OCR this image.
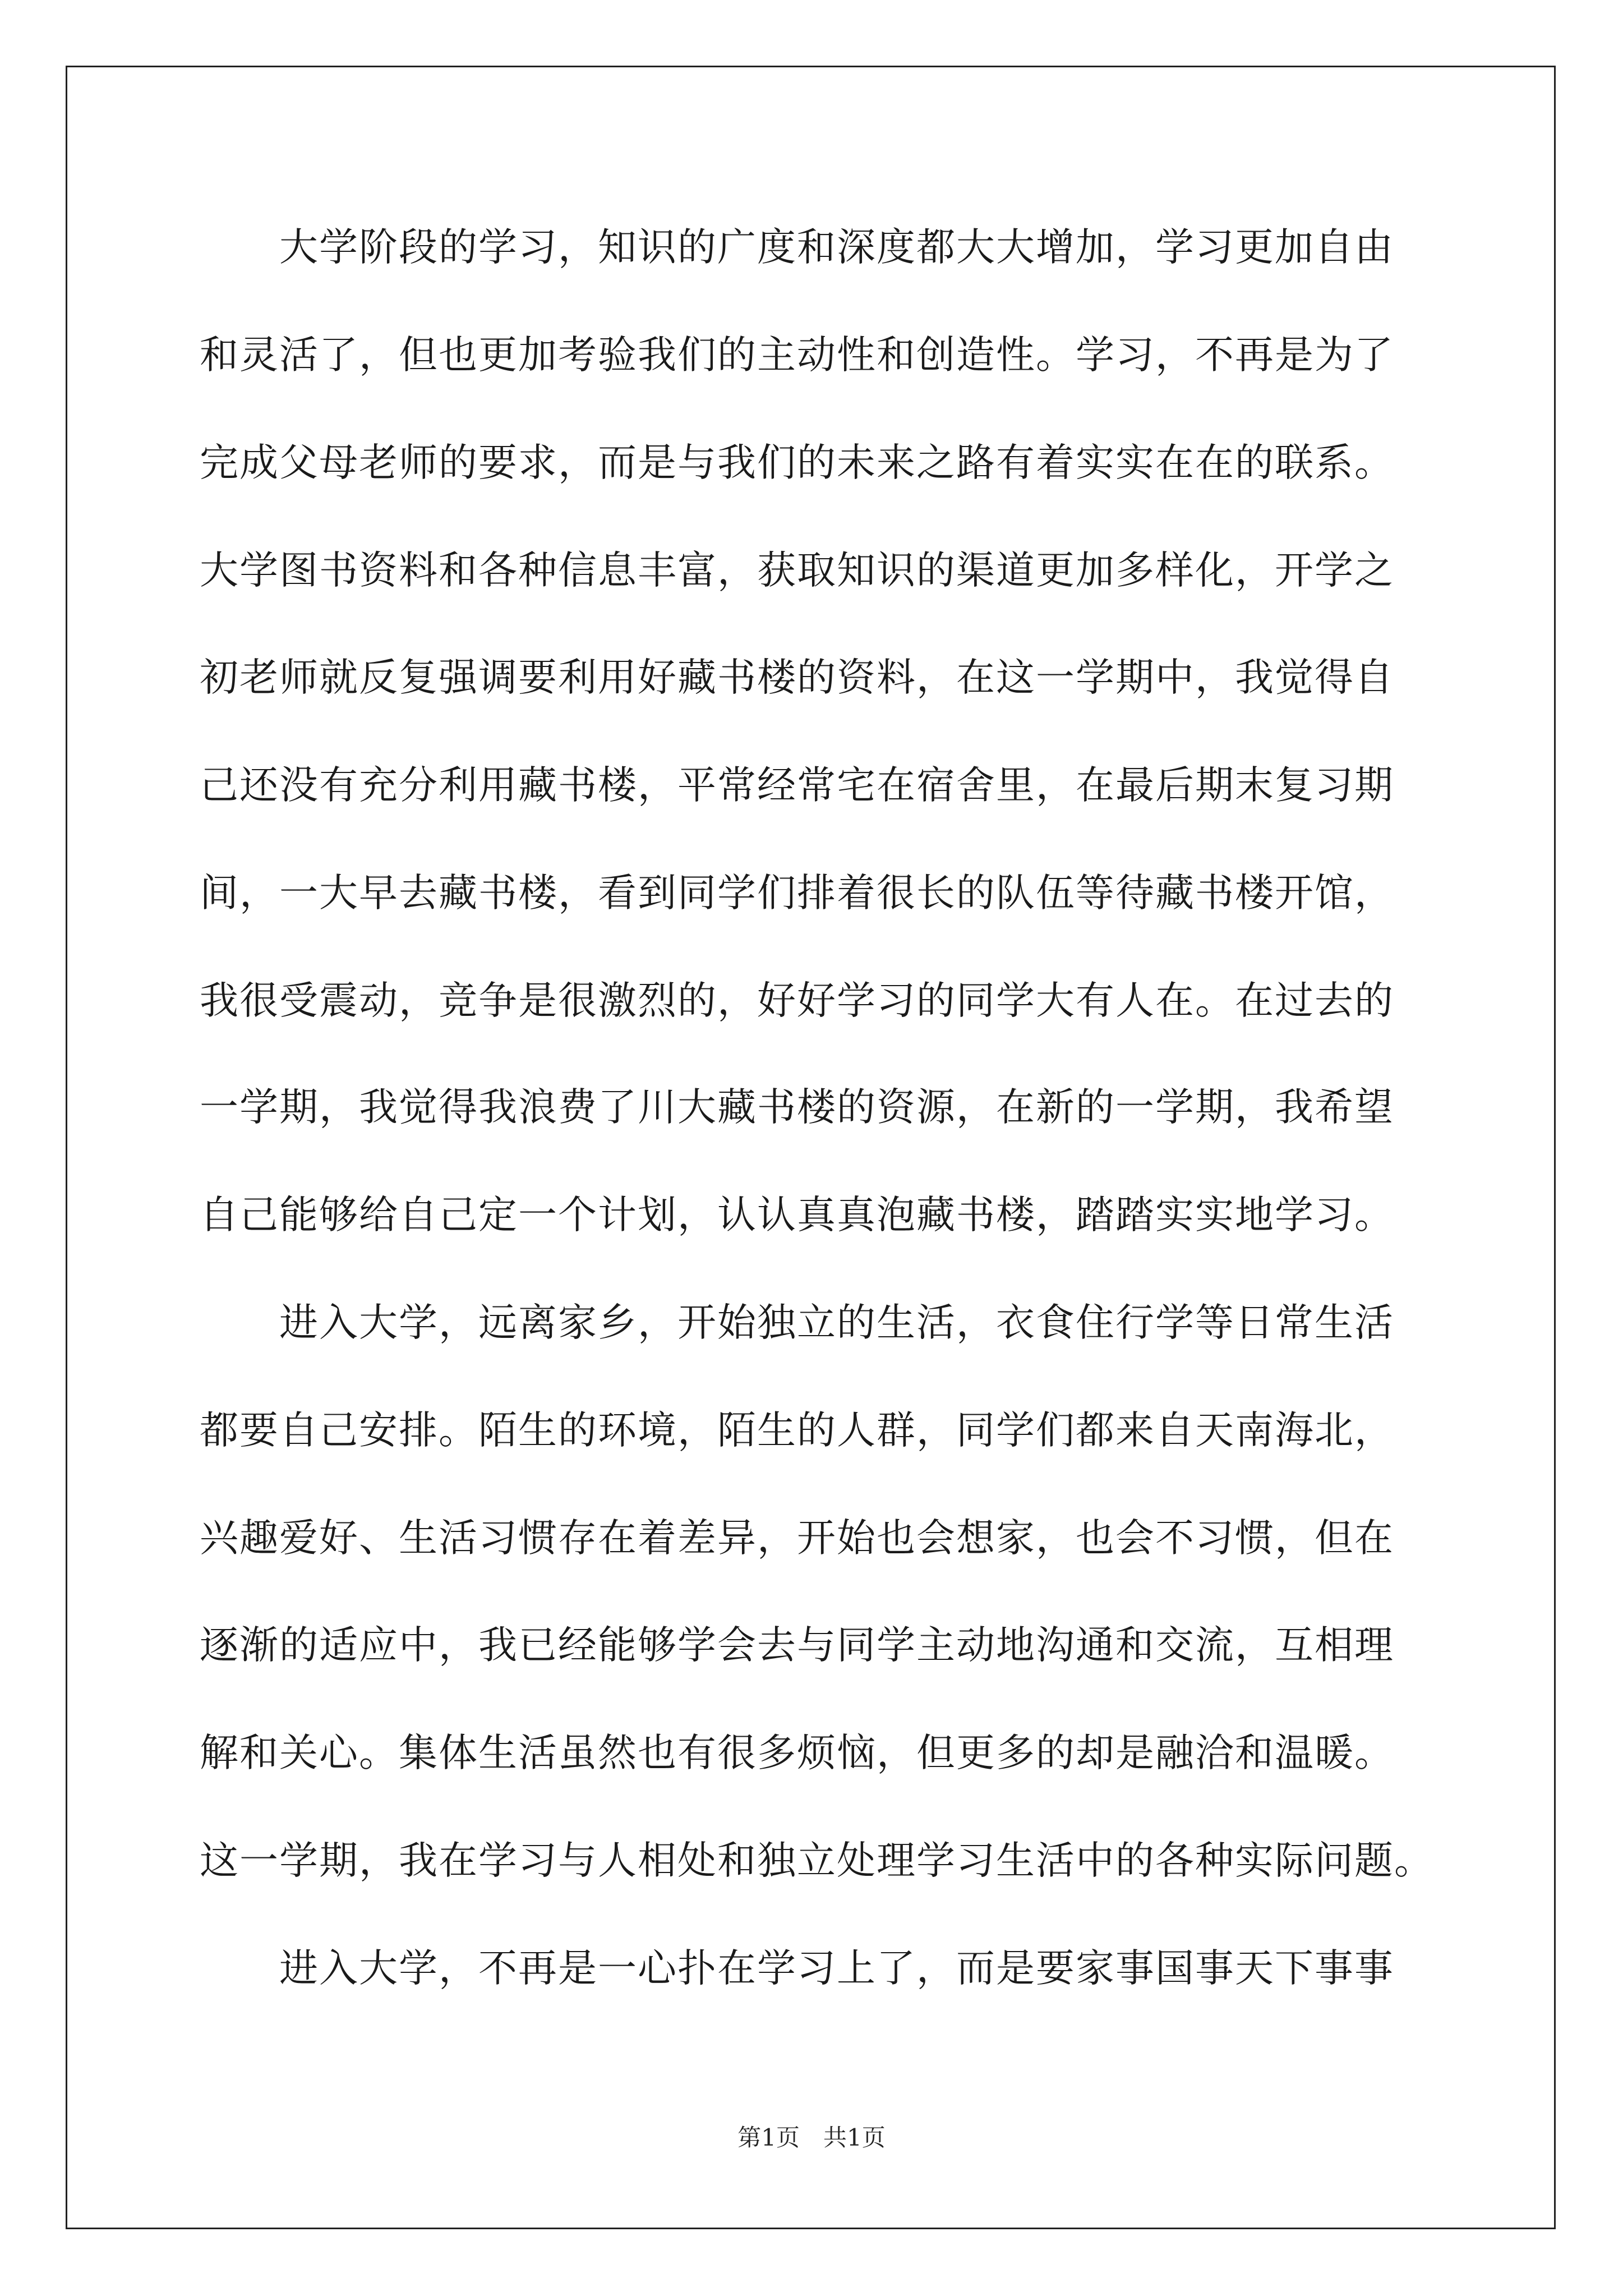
大学阶段的学习，知识的广度和深度都大大增加，学习更加自由
和灵活了，但也更加考验我们的主动性和创造性。学习，不再是为了
完成父母老师的要求，而是与我们的未来之路有着实实在在的联系。
大学图书资料和各种信息丰富，获取知识的渠道更加多样化，开学之
初老师就反复强调要利用好藏书楼的资料，在这一学期中，我觉得自
己还没有充分利用藏书楼，平常经常宅在宿舍里，在最后期末复习期
间，一大早去藏书楼，看到同学们排着很长的队伍等待藏书楼开馆，
我很受震动，竞争是很激烈的，好好学习的同学大有人在。在过去的
一学期，我觉得我浪费了川大藏书楼的资源，在新的一学期，我希望
自己能够给自己定一个计划，认认真真泡藏书楼，踏踏实实地学习。
进入大学，远离家乡，开始独立的生活，衣食住行学等日常生活
都要自己安排。陌生的环境，陌生的人群，同学们都来自天南海北，
兴趣爱好、生活习惯存在着差异，开始也会想家，也会不习惯，但在
逐渐的适应中，我已经能够学会去与同学主动地沟通和交流，互相理
解和关心。集体生活虽然也有很多烦恼，但更多的却是融洽和温暖。
这一学期，我在学习与人相处和独立处理学习生活中的各种实际问题。
进入大学，不再是一心扑在学习上了，而是要家事国事天下事事
第1页　共1页
